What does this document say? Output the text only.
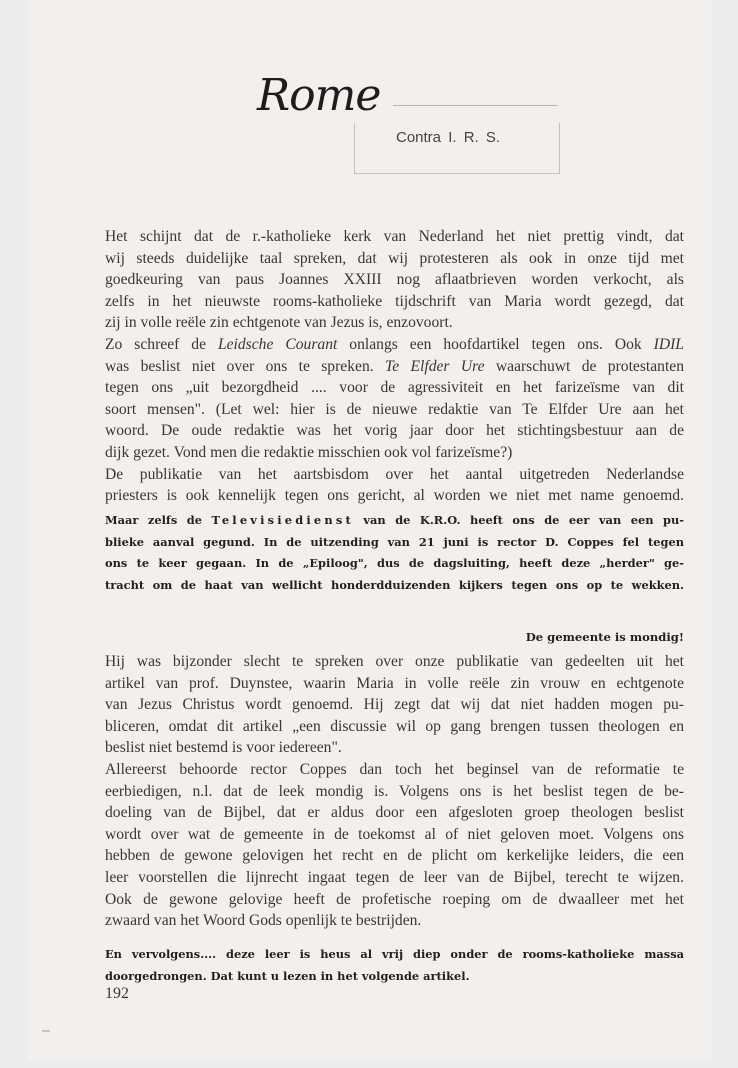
Rome
Contra I. R. S.
Het schijnt dat de r.-katholieke kerk van Nederland het niet prettig vindt, dat
wij steeds duidelijke taal spreken, dat wij protesteren als ook in onze tijd met
goedkeuring van paus Joannes XXIII nog aflaatbrieven worden verkocht, als
zelfs in het nieuwste rooms-katholieke tijdschrift van Maria wordt gezegd, dat
zij in volle reële zin echtgenote van Jezus is, enzovoort.
Zo schreef de Leidsche Courant onlangs een hoofdartikel tegen ons. Ook IDIL
was beslist niet over ons te spreken. Te Elfder Ure waarschuwt de protestanten
tegen ons „uit bezorgdheid .... voor de agressiviteit en het farizeïsme van dit
soort mensen". (Let wel: hier is de nieuwe redaktie van Te Elfder Ure aan het
woord. De oude redaktie was het vorig jaar door het stichtingsbestuur aan de
dijk gezet. Vond men die redaktie misschien ook vol farizeïsme?)
De publikatie van het aartsbisdom over het aantal uitgetreden Nederlandse
priesters is ook kennelijk tegen ons gericht, al worden we niet met name genoemd.
Maar zelfs de Televisiedienst van de K.R.O. heeft ons de eer van een pu-
blieke aanval gegund. In de uitzending van 21 juni is rector D. Coppes fel tegen
ons te keer gegaan. In de „Epiloog", dus de dagsluiting, heeft deze „herder" ge-
tracht om de haat van wellicht honderdduizenden kijkers tegen ons op te wekken.
De gemeente is mondig!
Hij was bijzonder slecht te spreken over onze publikatie van gedeelten uit het
artikel van prof. Duynstee, waarin Maria in volle reële zin vrouw en echtgenote
van Jezus Christus wordt genoemd. Hij zegt dat wij dat niet hadden mogen pu-
bliceren, omdat dit artikel „een discussie wil op gang brengen tussen theologen en
beslist niet bestemd is voor iedereen".
Allereerst behoorde rector Coppes dan toch het beginsel van de reformatie te
eerbiedigen, n.l. dat de leek mondig is. Volgens ons is het beslist tegen de be-
doeling van de Bijbel, dat er aldus door een afgesloten groep theologen beslist
wordt over wat de gemeente in de toekomst al of niet geloven moet. Volgens ons
hebben de gewone gelovigen het recht en de plicht om kerkelijke leiders, die een
leer voorstellen die lijnrecht ingaat tegen de leer van de Bijbel, terecht te wijzen.
Ook de gewone gelovige heeft de profetische roeping om de dwaalleer met het
zwaard van het Woord Gods openlijk te bestrijden.
En vervolgens.... deze leer is heus al vrij diep onder de rooms-katholieke massa
doorgedrongen. Dat kunt u lezen in het volgende artikel.
192
